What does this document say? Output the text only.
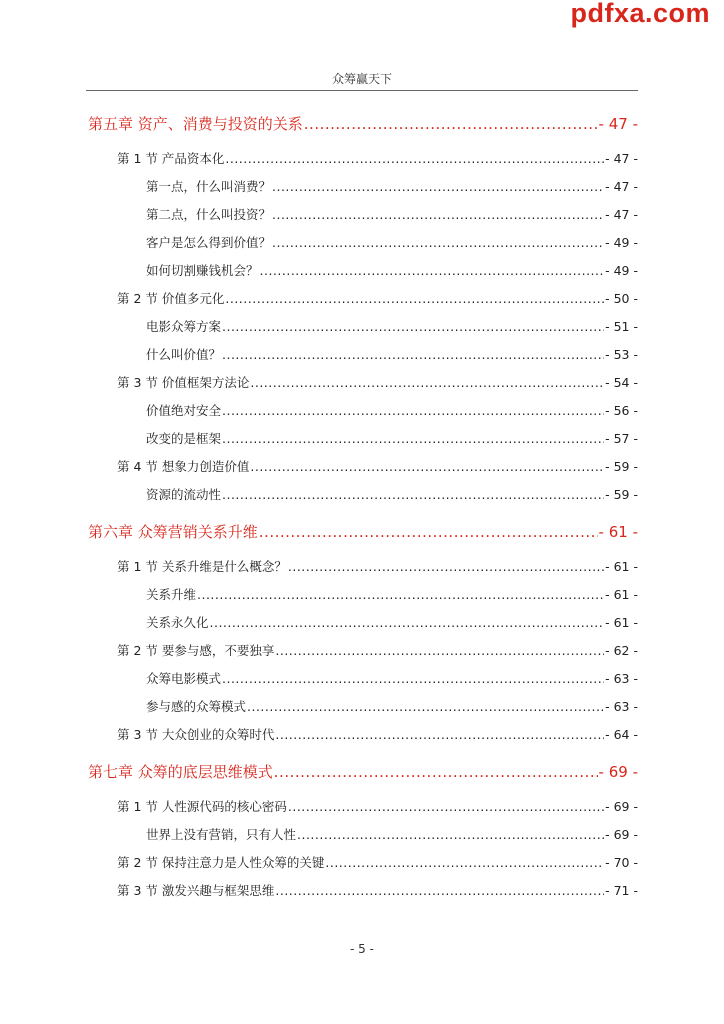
pdfxa.com
众筹赢天下
第五章 资产、消费与投资的关系 .....	- 47 -
第 1 节 产品资本化 .....	- 47 -
第一点，什么叫消费？ .....	- 47 -
第二点，什么叫投资？ .....	- 47 -
客户是怎么得到价值？ .....	- 49 -
如何切割赚钱机会？ .....	- 49 -
第 2 节 价值多元化 .....	- 50 -
电影众筹方案 .....	- 51 -
什么叫价值？ .....	- 53 -
第 3 节 价值框架方法论 .....	- 54 -
价值绝对安全 .....	- 56 -
改变的是框架 .....	- 57 -
第 4 节 想象力创造价值 .....	- 59 -
资源的流动性 .....	- 59 -
第六章 众筹营销关系升维 .....	- 61 -
第 1 节 关系升维是什么概念？ .....	- 61 -
关系升维 .....	- 61 -
关系永久化 .....	- 61 -
第 2 节 要参与感，不要独享 .....	- 62 -
众筹电影模式 .....	- 63 -
参与感的众筹模式 .....	- 63 -
第 3 节 大众创业的众筹时代 .....	- 64 -
第七章 众筹的底层思维模式 .....	- 69 -
第 1 节 人性源代码的核心密码 .....	- 69 -
世界上没有营销，只有人性 .....	- 69 -
第 2 节 保持注意力是人性众筹的关键 .....	- 70 -
第 3 节 激发兴趣与框架思维 .....	- 71 -
- 5 -
